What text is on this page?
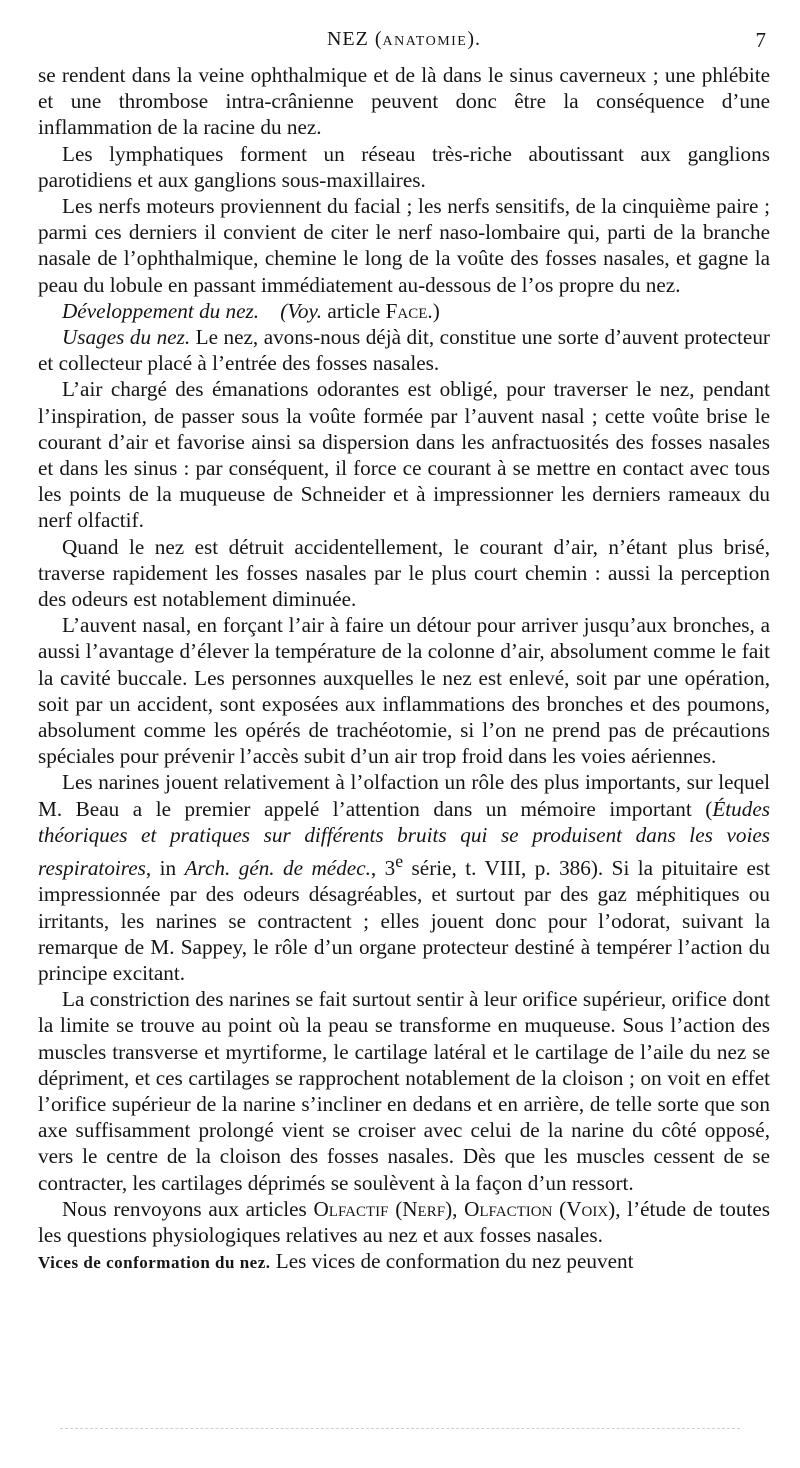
NEZ (ANATOMIE).	7

se rendent dans la veine ophthalmique et de là dans le sinus caverneux ; une phlébite et une thrombose intra-crânienne peuvent donc être la conséquence d’une inflammation de la racine du nez.

Les lymphatiques forment un réseau très-riche aboutissant aux ganglions parotidiens et aux ganglions sous-maxillaires.

Les nerfs moteurs proviennent du facial ; les nerfs sensitifs, de la cinquième paire ; parmi ces derniers il convient de citer le nerf naso-lombaire qui, parti de la branche nasale de l’ophthalmique, chemine le long de la voûte des fosses nasales, et gagne la peau du lobule en passant immédiatement au-dessous de l’os propre du nez.

Développement du nez. (Voy. article Face.)

Usages du nez. Le nez, avons-nous déjà dit, constitue une sorte d’auvent protecteur et collecteur placé à l’entrée des fosses nasales.

L’air chargé des émanations odorantes est obligé, pour traverser le nez, pendant l’inspiration, de passer sous la voûte formée par l’auvent nasal ; cette voûte brise le courant d’air et favorise ainsi sa dispersion dans les anfractuosités des fosses nasales et dans les sinus : par conséquent, il force ce courant à se mettre en contact avec tous les points de la muqueuse de Schneider et à impressionner les derniers rameaux du nerf olfactif.

Quand le nez est détruit accidentellement, le courant d’air, n’étant plus brisé, traverse rapidement les fosses nasales par le plus court chemin : aussi la perception des odeurs est notablement diminuée.

L’auvent nasal, en forçant l’air à faire un détour pour arriver jusqu’aux bronches, a aussi l’avantage d’élever la température de la colonne d’air, absolument comme le fait la cavité buccale. Les personnes auxquelles le nez est enlevé, soit par une opération, soit par un accident, sont exposées aux inflammations des bronches et des poumons, absolument comme les opérés de trachéotomie, si l’on ne prend pas de précautions spéciales pour prévenir l’accès subit d’un air trop froid dans les voies aériennes.

Les narines jouent relativement à l’olfaction un rôle des plus importants, sur lequel M. Beau a le premier appelé l’attention dans un mémoire important (Études théoriques et pratiques sur différents bruits qui se produisent dans les voies respiratoires, in Arch. gén. de médec., 3e série, t. VIII, p. 386). Si la pituitaire est impressionnée par des odeurs désagréables, et surtout par des gaz méphitiques ou irritants, les narines se contractent ; elles jouent donc pour l’odorat, suivant la remarque de M. Sappey, le rôle d’un organe protecteur destiné à tempérer l’action du principe excitant.

La constriction des narines se fait surtout sentir à leur orifice supérieur, orifice dont la limite se trouve au point où la peau se transforme en muqueuse. Sous l’action des muscles transverse et myrtiforme, le cartilage latéral et le cartilage de l’aile du nez se dépriment, et ces cartilages se rapprochent notablement de la cloison ; on voit en effet l’orifice supérieur de la narine s’incliner en dedans et en arrière, de telle sorte que son axe suffisamment prolongé vient se croiser avec celui de la narine du côté opposé, vers le centre de la cloison des fosses nasales. Dès que les muscles cessent de se contracter, les cartilages déprimés se soulèvent à la façon d’un ressort.

Nous renvoyons aux articles Olfactif (Nerf), Olfaction (Voix), l’étude de toutes les questions physiologiques relatives au nez et aux fosses nasales.

Vices de conformation du nez. Les vices de conformation du nez peuvent
